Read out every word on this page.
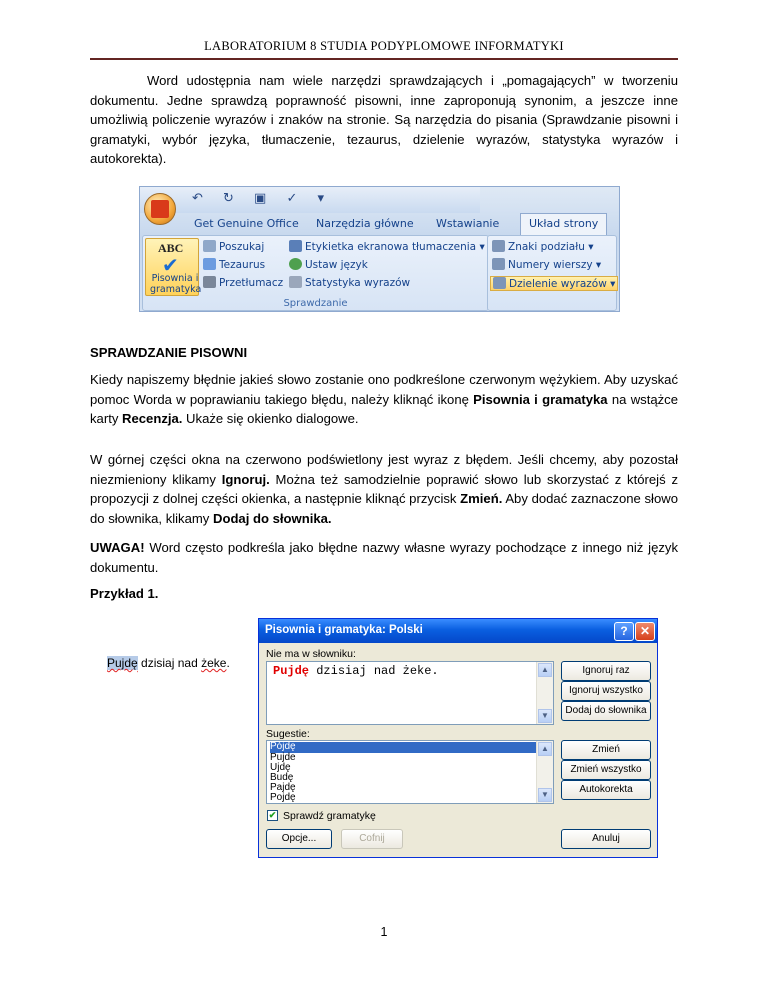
LABORATORIUM 8 STUDIA PODYPLOMOWE INFORMATYKI
Word udostępnia nam wiele narzędzi sprawdzających i „pomagających” w tworzeniu dokumentu. Jedne sprawdzą poprawność pisowni, inne zaproponują synonim, a jeszcze inne umożliwią policzenie wyrazów i znaków na stronie. Są narzędzia do pisania (Sprawdzanie pisowni i gramatyki, wybór języka, tłumaczenie, tezaurus, dzielenie wyrazów, statystyka wyrazów i autokorekta).
↶ ↻ ▣ ✓ ▾
Get Genuine Office Narzędzia główne Wstawianie	Układ strony
ABC
✔
Pisownia i
gramatyka
Poszukaj
Tezaurus
Przetłumacz
Etykietka ekranowa tłumaczenia ▾
Ustaw język
Statystyka wyrazów
Sprawdzanie
Znaki podziału ▾
Numery wierszy ▾
Dzielenie wyrazów ▾
SPRAWDZANIE PISOWNI
Kiedy napiszemy błędnie jakieś słowo zostanie ono podkreślone czerwonym wężykiem. Aby uzyskać pomoc Worda w poprawianiu takiego błędu, należy kliknąć ikonę Pisownia i gramatyka na wstążce karty Recenzja. Ukaże się okienko dialogowe.
W górnej części okna na czerwono podświetlony jest wyraz z błędem. Jeśli chcemy, aby pozostał niezmieniony klikamy Ignoruj. Można też samodzielnie poprawić słowo lub skorzystać z którejś z propozycji z dolnej części okienka, a następnie kliknąć przycisk Zmień. Aby dodać zaznaczone słowo do słownika, klikamy Dodaj do słownika.
UWAGA! Word często podkreśla jako błędne nazwy własne wyrazy pochodzące z innego niż język dokumentu.
Przykład 1.
Pujdę dzisiaj nad żeke.
Pisownia i gramatyka: Polski	?	✕
Nie ma w słowniku:
Pujdę dzisiaj nad żeke.	▲
▼
Sugestie:
Pójdę
Pujde
Ujdę
Budę
Pajdę
Pojdę
▲
▼
✔ Sprawdź gramatykę
Ignoruj raz
Ignoruj wszystko
Dodaj do słownika
Zmień
Zmień wszystko
Autokorekta
Opcje...	Cofnij	Anuluj
1
